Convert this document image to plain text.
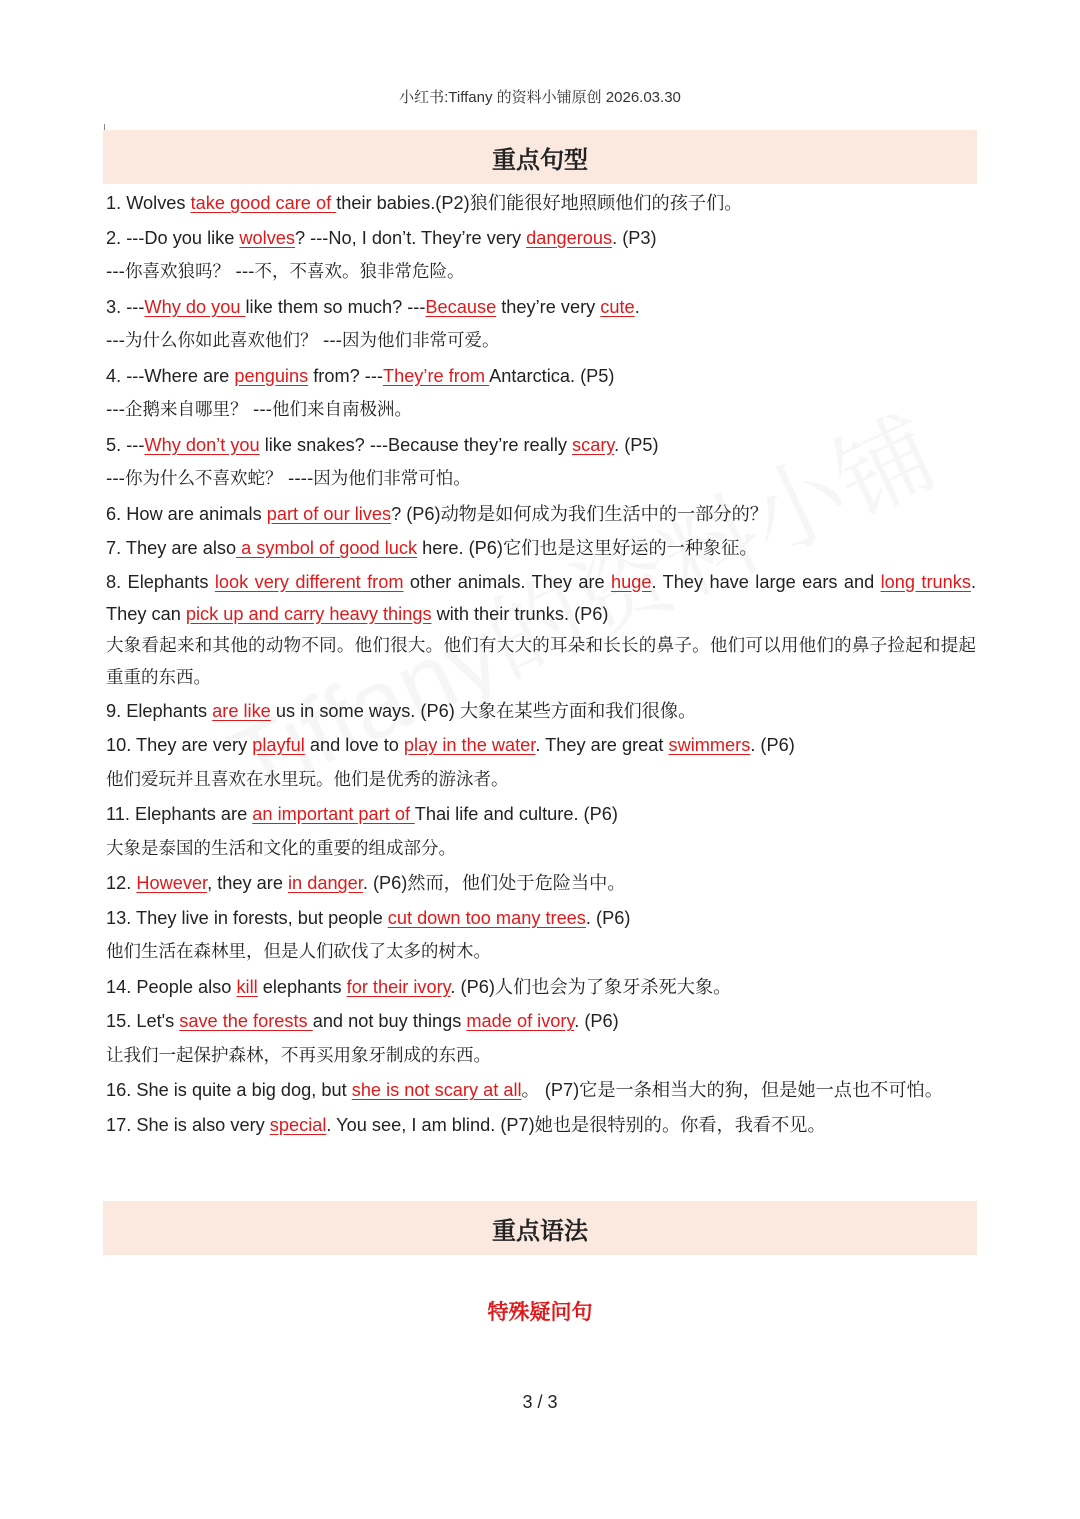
小红书:Tiffany 的资料小铺原创 2026.03.30
重点句型
1. Wolves take good care of their babies.(P2)狼们能很好地照顾他们的孩子们。
2. ---Do you like wolves? ---No, I don’t. They’re very dangerous. (P3)
---你喜欢狼吗？ ---不，不喜欢。狼非常危险。
3. ---Why do you like them so much? ---Because they’re very cute.
---为什么你如此喜欢他们？ ---因为他们非常可爱。
4. ---Where are penguins from? ---They’re from Antarctica. (P5)
---企鹅来自哪里？ ---他们来自南极洲。
5. ---Why don’t you like snakes? ---Because they’re really scary. (P5)
---你为什么不喜欢蛇？ ----因为他们非常可怕。
6. How are animals part of our lives? (P6)动物是如何成为我们生活中的一部分的？
7. They are also a symbol of good luck here. (P6)它们也是这里好运的一种象征。
8. Elephants look very different from other animals. They are huge. They have large ears and long trunks. They can pick up and carry heavy things with their trunks. (P6)
大象看起来和其他的动物不同。他们很大。他们有大大的耳朵和长长的鼻子。他们可以用他们的鼻子捡起和提起重重的东西。
9. Elephants are like us in some ways. (P6) 大象在某些方面和我们很像。
10. They are very playful and love to play in the water. They are great swimmers. (P6)
他们爱玩并且喜欢在水里玩。他们是优秀的游泳者。
11. Elephants are an important part of Thai life and culture. (P6)
大象是泰国的生活和文化的重要的组成部分。
12. However, they are in danger. (P6)然而，他们处于危险当中。
13. They live in forests, but people cut down too many trees. (P6)
他们生活在森林里，但是人们砍伐了太多的树木。
14. People also kill elephants for their ivory. (P6)人们也会为了象牙杀死大象。
15. Let's save the forests and not buy things made of ivory. (P6)
让我们一起保护森林，不再买用象牙制成的东西。
16. She is quite a big dog, but she is not scary at all。 (P7)它是一条相当大的狗，但是她一点也不可怕。
17. She is also very special. You see, I am blind. (P7)她也是很特别的。你看，我看不见。
重点语法
特殊疑问句
3 / 3
